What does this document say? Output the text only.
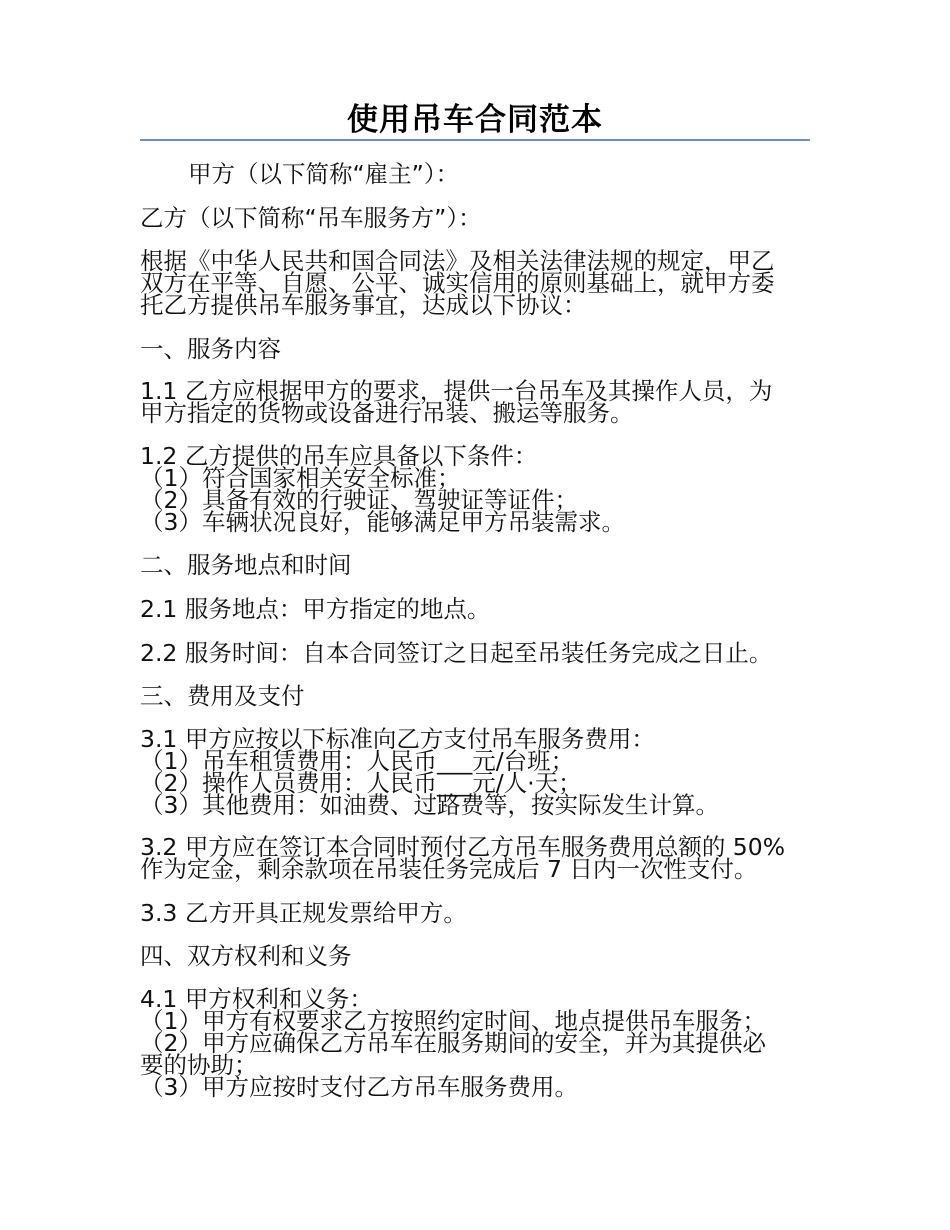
使用吊车合同范本
甲方（以下简称“雇主”）：
乙方（以下简称“吊车服务方”）：
根据《中华人民共和国合同法》及相关法律法规的规定，甲乙
双方在平等、自愿、公平、诚实信用的原则基础上，就甲方委
托乙方提供吊车服务事宜，达成以下协议：
一、服务内容
1.1 乙方应根据甲方的要求，提供一台吊车及其操作人员，为
甲方指定的货物或设备进行吊装、搬运等服务。
1.2 乙方提供的吊车应具备以下条件：
（1）符合国家相关安全标准；
（2）具备有效的行驶证、驾驶证等证件；
（3）车辆状况良好，能够满足甲方吊装需求。
二、服务地点和时间
2.1 服务地点：甲方指定的地点。
2.2 服务时间：自本合同签订之日起至吊装任务完成之日止。
三、费用及支付
3.1 甲方应按以下标准向乙方支付吊车服务费用：
（1）吊车租赁费用：人民币___元/台班；
（2）操作人员费用：人民币___元/人·天；
（3）其他费用：如油费、过路费等，按实际发生计算。
3.2 甲方应在签订本合同时预付乙方吊车服务费用总额的 50%
作为定金，剩余款项在吊装任务完成后 7 日内一次性支付。
3.3 乙方开具正规发票给甲方。
四、双方权利和义务
4.1 甲方权利和义务：
（1）甲方有权要求乙方按照约定时间、地点提供吊车服务；
（2）甲方应确保乙方吊车在服务期间的安全，并为其提供必
要的协助；
（3）甲方应按时支付乙方吊车服务费用。
